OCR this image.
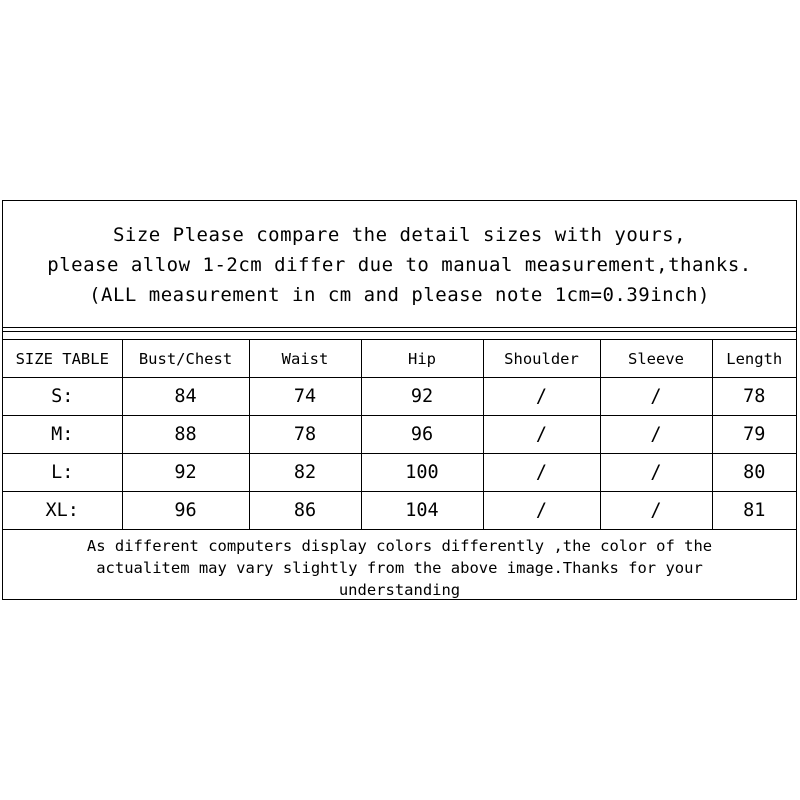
Size Please compare the detail sizes with yours,
please allow 1-2cm differ due to manual measurement,thanks.
(ALL measurement in cm and please note 1cm=0.39inch)
SIZE TABLE	Bust/Chest	Waist	Hip	Shoulder	Sleeve	Length
S:	84	74	92	/	/	78
M:	88	78	96	/	/	79
L:	92	82	100	/	/	80
XL:	96	86	104	/	/	81
As different computers display colors differently ,the color of the
actualitem may vary slightly from the above image.Thanks for your
understanding
